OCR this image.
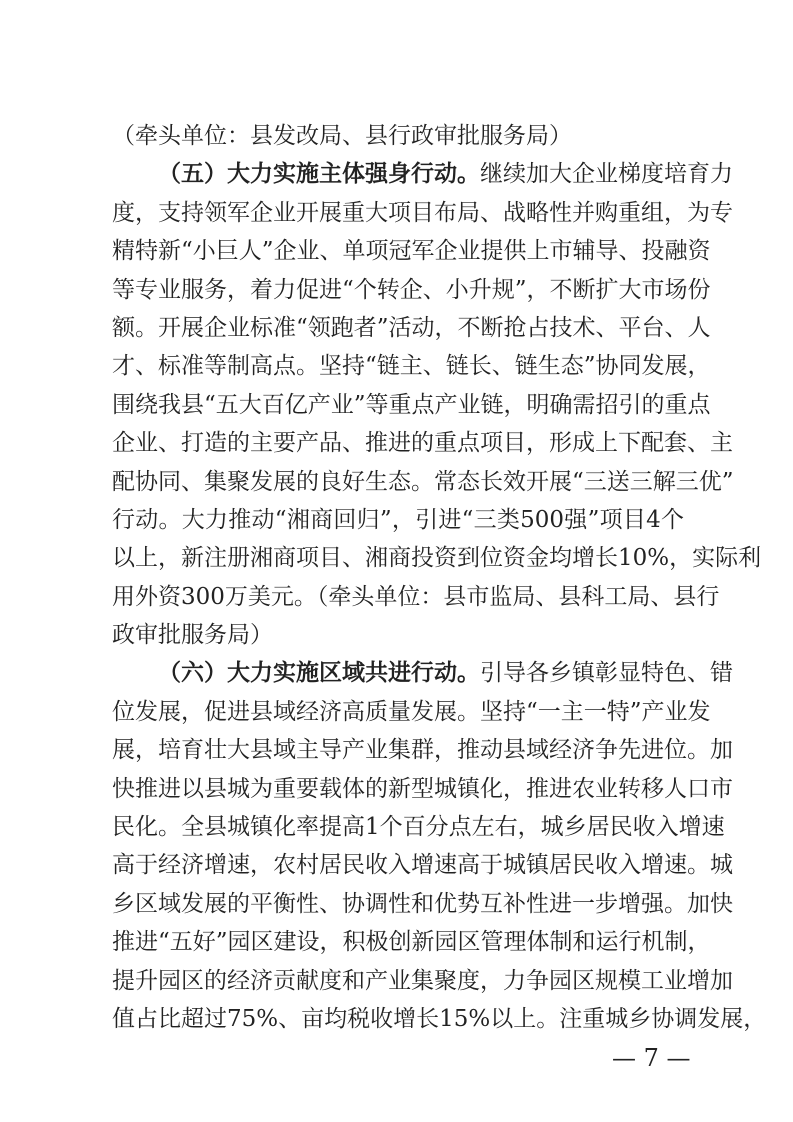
（牵头单位：县发改局、县行政审批服务局）
（五）大力实施主体强身行动。继续加大企业梯度培育力
度，支持领军企业开展重大项目布局、战略性并购重组，为专
精特新“小巨人”企业、单项冠军企业提供上市辅导、投融资
等专业服务，着力促进“个转企、小升规”，不断扩大市场份
额。开展企业标准“领跑者”活动，不断抢占技术、平台、人
才、标准等制高点。坚持“链主、链长、链生态”协同发展，
围绕我县“五大百亿产业”等重点产业链，明确需招引的重点
企业、打造的主要产品、推进的重点项目，形成上下配套、主
配协同、集聚发展的良好生态。常态长效开展“三送三解三优”
行动。大力推动“湘商回归”，引进“三类500强”项目4个
以上，新注册湘商项目、湘商投资到位资金均增长10%，实际利
用外资300万美元。（牵头单位：县市监局、县科工局、县行
政审批服务局）
（六）大力实施区域共进行动。引导各乡镇彰显特色、错
位发展，促进县域经济高质量发展。坚持“一主一特”产业发
展，培育壮大县域主导产业集群，推动县域经济争先进位。加
快推进以县城为重要载体的新型城镇化，推进农业转移人口市
民化。全县城镇化率提高1个百分点左右，城乡居民收入增速
高于经济增速，农村居民收入增速高于城镇居民收入增速。城
乡区域发展的平衡性、协调性和优势互补性进一步增强。加快
推进“五好”园区建设，积极创新园区管理体制和运行机制，
提升园区的经济贡献度和产业集聚度，力争园区规模工业增加
值占比超过75%、亩均税收增长15%以上。注重城乡协调发展，
— 7 —
